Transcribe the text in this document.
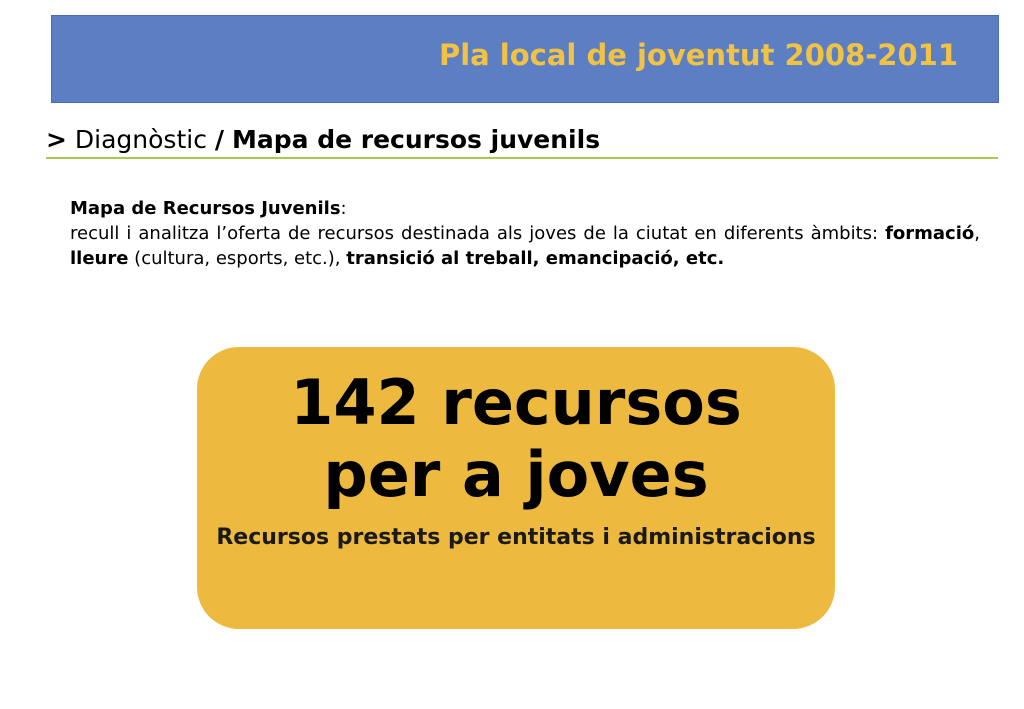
Pla local de joventut 2008-2011
> Diagnòstic / Mapa de recursos juvenils
Mapa de Recursos Juvenils:
recull i analitza l’oferta de recursos destinada als joves de la ciutat en diferents àmbits: formació, lleure (cultura, esports, etc.), transició al treball, emancipació, etc.
142 recursos
per a joves
Recursos prestats per entitats i administracions
